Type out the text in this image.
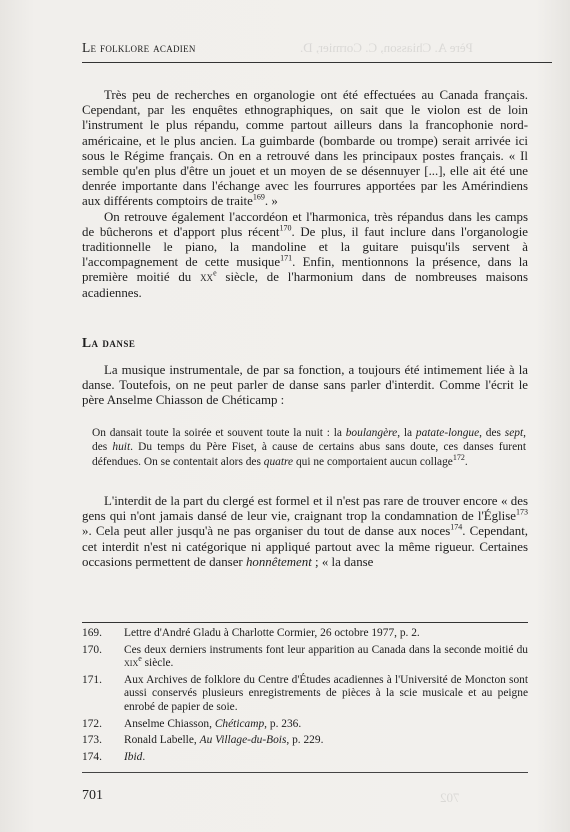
Père A. Chiasson, C. Cormier, D.
702
Le folklore acadien

Très peu de recherches en organologie ont été effectuées au Canada français. Cependant, par les enquêtes ethnographiques, on sait que le violon est de loin l'instrument le plus répandu, comme partout ailleurs dans la francophonie nord-américaine, et le plus ancien. La guimbarde (bombarde ou trompe) serait arrivée ici sous le Régime français. On en a retrouvé dans les principaux postes français. « Il semble qu'en plus d'être un jouet et un moyen de se désennuyer [...], elle ait été une denrée importante dans l'échange avec les fourrures apportées par les Amérindiens aux différents comptoirs de traite$^{169}$. »

On retrouve également l'accordéon et l'harmonica, très répandus dans les camps de bûcherons et d'apport plus récent$^{170}$. De plus, il faut inclure dans l'organologie traditionnelle le piano, la mandoline et la guitare puisqu'ils servent à l'accompagnement de cette musique$^{171}$. Enfin, mentionnons la présence, dans la première moitié du $xx^e$ siècle, de l'harmonium dans de nombreuses maisons acadiennes.

La danse

La musique instrumentale, de par sa fonction, a toujours été intimement liée à la danse. Toutefois, on ne peut parler de danse sans parler d'interdit. Comme l'écrit le père Anselme Chiasson de Chéticamp :

On dansait toute la soirée et souvent toute la nuit : la boulangère, la patate-longue, des sept, des huit. Du temps du Père Fiset, à cause de certains abus sans doute, ces danses furent défendues. On se contentait alors des quatre qui ne comportaient aucun collage$^{172}$.

L'interdit de la part du clergé est formel et il n'est pas rare de trouver encore « des gens qui n'ont jamais dansé de leur vie, craignant trop la condamnation de l'Église$^{173}$ ». Cela peut aller jusqu'à ne pas organiser du tout de danse aux noces$^{174}$. Cependant, cet interdit n'est ni catégorique ni appliqué partout avec la même rigueur. Certaines occasions permettent de danser honnêtement ; « la danse

169.	Lettre d'André Gladu à Charlotte Cormier, 26 octobre 1977, p. 2.
170.	Ces deux derniers instruments font leur apparition au Canada dans la seconde moitié du xix$^e$ siècle.
171.	Aux Archives de folklore du Centre d'Études acadiennes à l'Université de Moncton sont aussi conservés plusieurs enregistrements de pièces à la scie musicale et au peigne enrobé de papier de soie.
172.	Anselme Chiasson, Chéticamp, p. 236.
173.	Ronald Labelle, Au Village-du-Bois, p. 229.
174.	Ibid.
701
